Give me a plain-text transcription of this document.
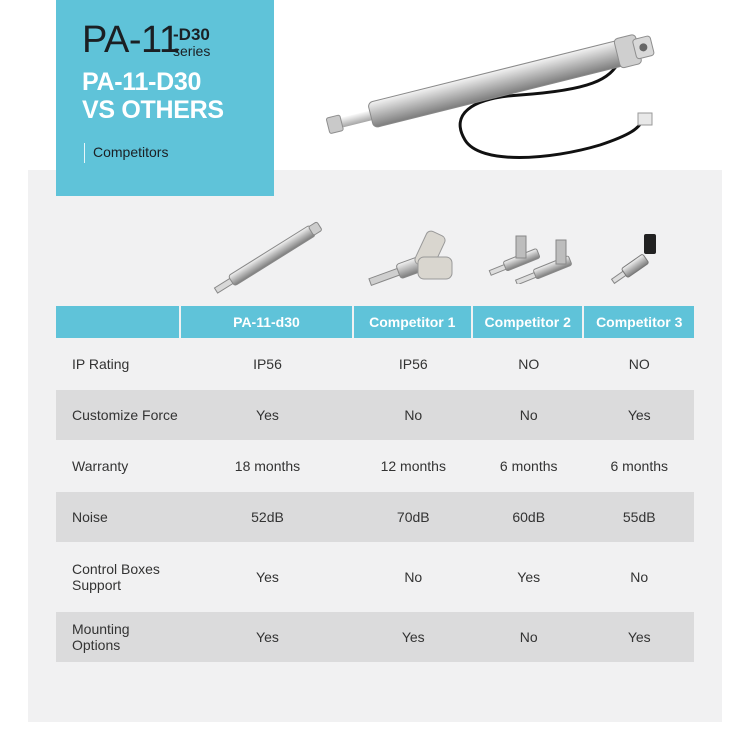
PA-11
-D30
series
PA-11-D30
VS OTHERS
Competitors
	PA-11-d30	Competitor 1	Competitor 2	Competitor 3
IP Rating	IP56	IP56	NO	NO
Customize Force	Yes	No	No	Yes
Warranty	18 months	12 months	6 months	6 months
Noise	52dB	70dB	60dB	55dB
Control Boxes
Support	Yes	No	Yes	No
Mounting Options	Yes	Yes	No	Yes
